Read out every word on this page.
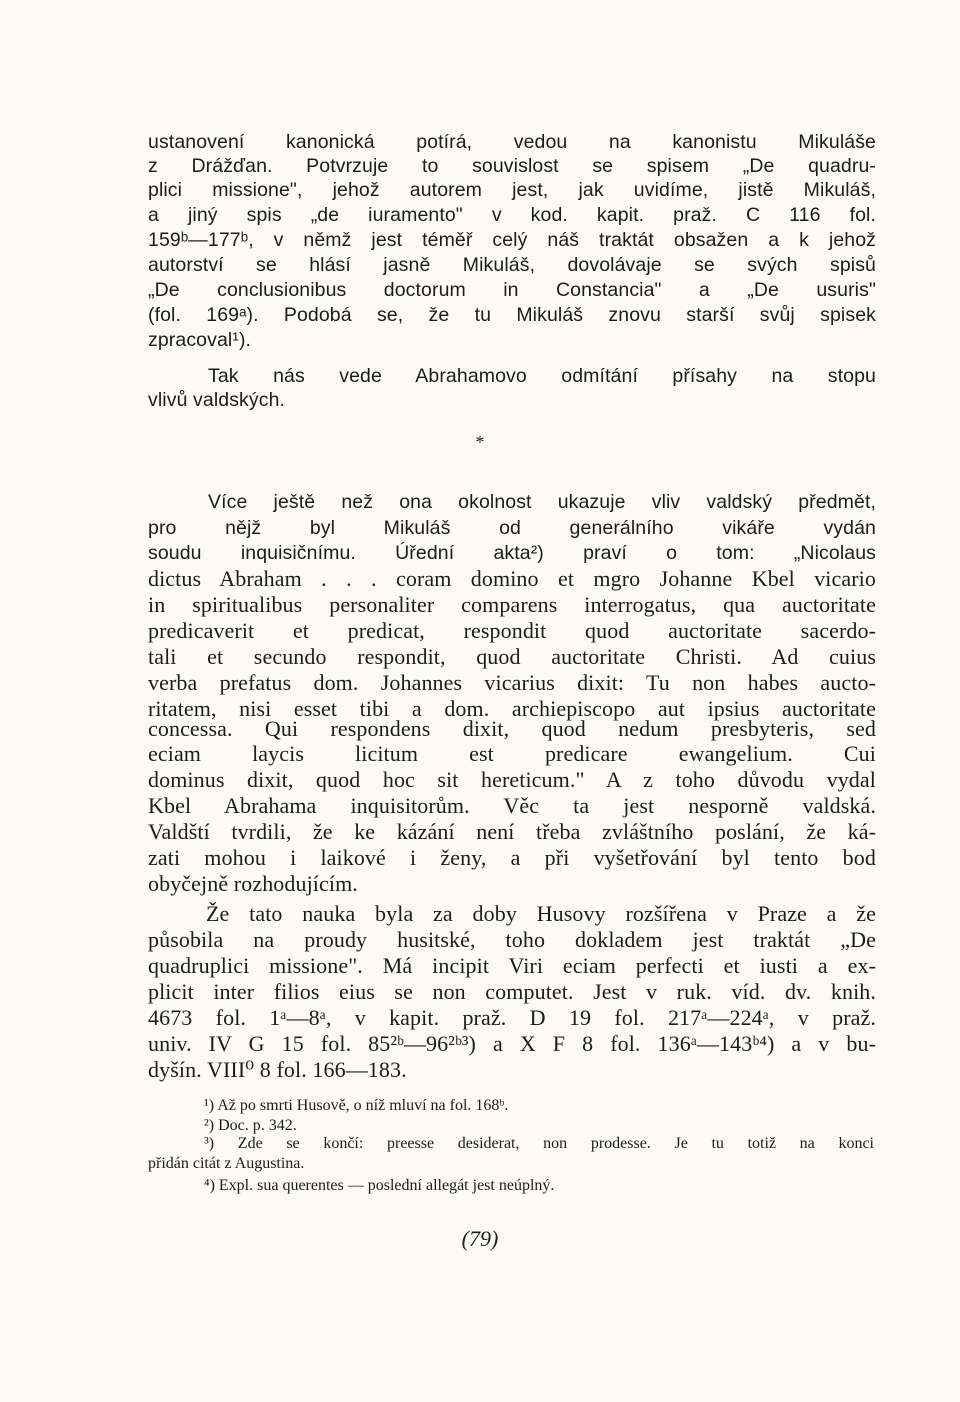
ustanovení kanonická potírá, vedou na kanonistu Mikuláše
z Drážďan. Potvrzuje to souvislost se spisem „De quadru-
plici missione", jehož autorem jest, jak uvidíme, jistě Mikuláš,
a jiný spis „de iuramento" v kod. kapit. praž. C 116 fol.
159ᵇ—177ᵇ, v němž jest téměř celý náš traktát obsažen a k jehož
autorství se hlásí jasně Mikuláš, dovolávaje se svých spisů
„De conclusionibus doctorum in Constancia" a „De usuris"
(fol. 169ᵃ). Podobá se, že tu Mikuláš znovu starší svůj spisek
zpracoval¹).
Tak nás vede Abrahamovo odmítání přísahy na stopu
vlivů valdských.
*
Více ještě než ona okolnost ukazuje vliv valdský předmět,
pro nějž byl Mikuláš od generálního vikáře vydán
soudu inquisičnímu. Úřední akta²) praví o tom: „Nicolaus
dictus Abraham . . . coram domino et mgro Johanne Kbel vicario
in spiritualibus personaliter comparens interrogatus, qua auctoritate
predicaverit et predicat, respondit quod auctoritate sacerdo-
tali et secundo respondit, quod auctoritate Christi. Ad cuius
verba prefatus dom. Johannes vicarius dixit: Tu non habes aucto-
ritatem, nisi esset tibi a dom. archiepiscopo aut ipsius auctoritate
concessa. Qui respondens dixit, quod nedum presbyteris, sed
eciam laycis licitum est predicare ewangelium. Cui
dominus dixit, quod hoc sit hereticum." A z toho důvodu vydal
Kbel Abrahama inquisitorům. Věc ta jest nesporně valdská.
Valdští tvrdili, že ke kázání není třeba zvláštního poslání, že ká-
zati mohou i laikové i ženy, a při vyšetřování byl tento bod
obyčejně rozhodujícím.
Že tato nauka byla za doby Husovy rozšířena v Praze a že
působila na proudy husitské, toho dokladem jest traktát „De
quadruplici missione". Má incipit Viri eciam perfecti et iusti a ex-
plicit inter filios eius se non computet. Jest v ruk. víd. dv. knih.
4673 fol. 1ᵃ—8ᵃ, v kapit. praž. D 19 fol. 217ᵃ—224ᵃ, v praž.
univ. IV G 15 fol. 85²ᵇ—96²ᵇ³) a X F 8 fol. 136ᵃ—143ᵇ⁴) a v bu-
dyšín. VIII⁰ 8 fol. 166—183.
¹) Až po smrti Husově, o níž mluví na fol. 168ᵇ.
²) Doc. p. 342.
³) Zde se končí: preesse desiderat, non prodesse. Je tu totiž na konci
přidán citát z Augustina.
⁴) Expl. sua querentes — poslední allegát jest neúplný.
(79)
